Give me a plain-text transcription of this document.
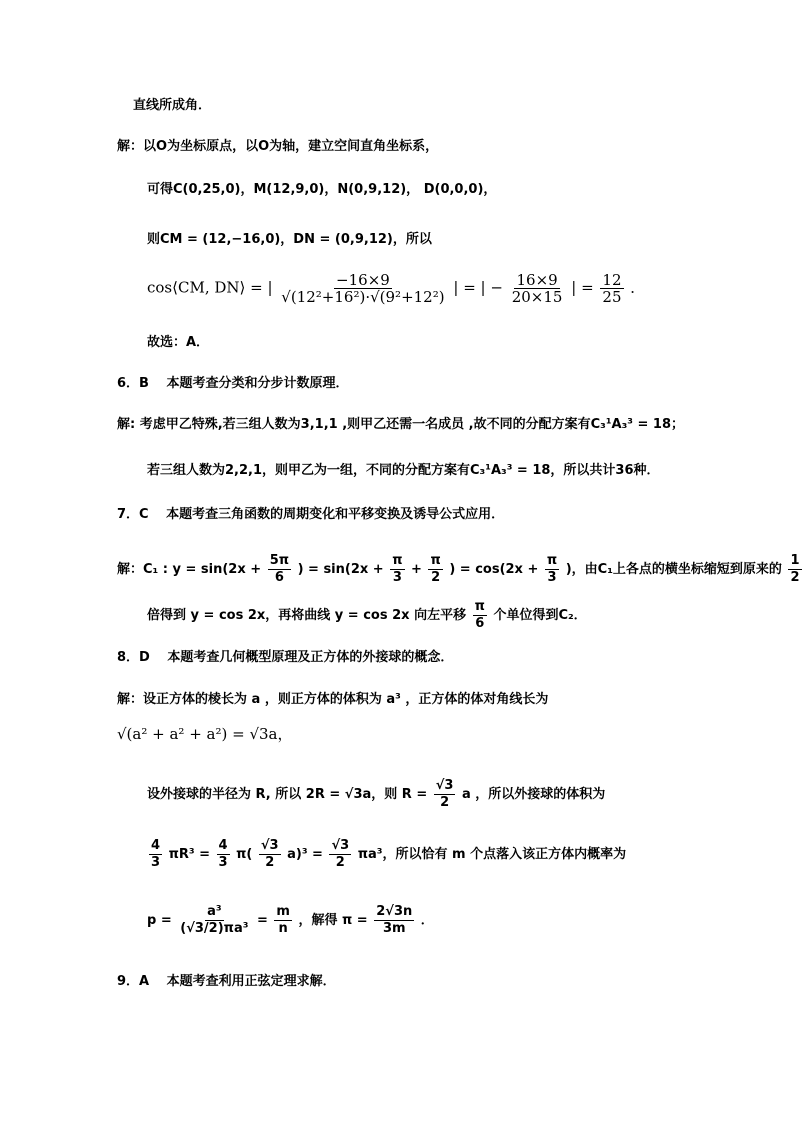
直线所成角．
解：以O为坐标原点，以O为轴，建立空间直角坐标系，
可得C(0,25,0)，M(12,9,0)，N(0,9,12)， D(0,0,0)，
则CM = (12,−16,0)，DN = (0,9,12)，所以
cos⟨CM, DN⟩ = | $\frac{-16\times 9}{\text{√(12²+16²)·√(9²+12²)}}$ | = | − $\frac{16\times 9}{20\times 15}$ | = $\frac{12}{25}$ ．
故选：A．
6．B　 本题考查分类和分步计数原理．
解: 考虑甲乙特殊,若三组人数为3,1,1 ,则甲乙还需一名成员 ,故不同的分配方案有C₃¹A₃³ = 18；
若三组人数为2,2,1，则甲乙为一组，不同的分配方案有C₃¹A₃³ = 18，所以共计36种．
7．C　 本题考查三角函数的周期变化和平移变换及诱导公式应用．
解：C₁ : $y = \sin(2x + \frac{5\pi}{6}$ ) = $\sin(2x + \frac{\pi}{3} + \frac{\pi}{2}$ ) = $\cos(2x + \frac{\pi}{3}$ )，由C₁上各点的横坐标缩短到原来的 $\frac{1}{2}$
倍得到 y = cos 2x，再将曲线 y = cos 2x 向左平移 $\frac{\pi}{6}$ 个单位得到C₂．
8．D　 本题考查几何概型原理及正方体的外接球的概念．
解：设正方体的棱长为 a ，则正方体的体积为 a³ ，正方体的体对角线长为
√(a² + a² + a²) = √3a，
设外接球的半径为 R, 所以 2R = √3a，则 $R = \frac{√3}{2}$ a ，所以外接球的体积为
$\frac{4}{3} \pi R^3 = \frac{4}{3} \pi( \frac{√3}{2} a)^3 = \frac{√3}{2} \pi a^3$，所以恰有 m 个点落入该正方体内概率为
$p = \frac{\text{a³}}{\text{(√3/2)πa³}} = \frac{m}{n}$ ，解得 $\pi = \frac{2√3n}{3m}$ ．
9．A　 本题考查利用正弦定理求解．
